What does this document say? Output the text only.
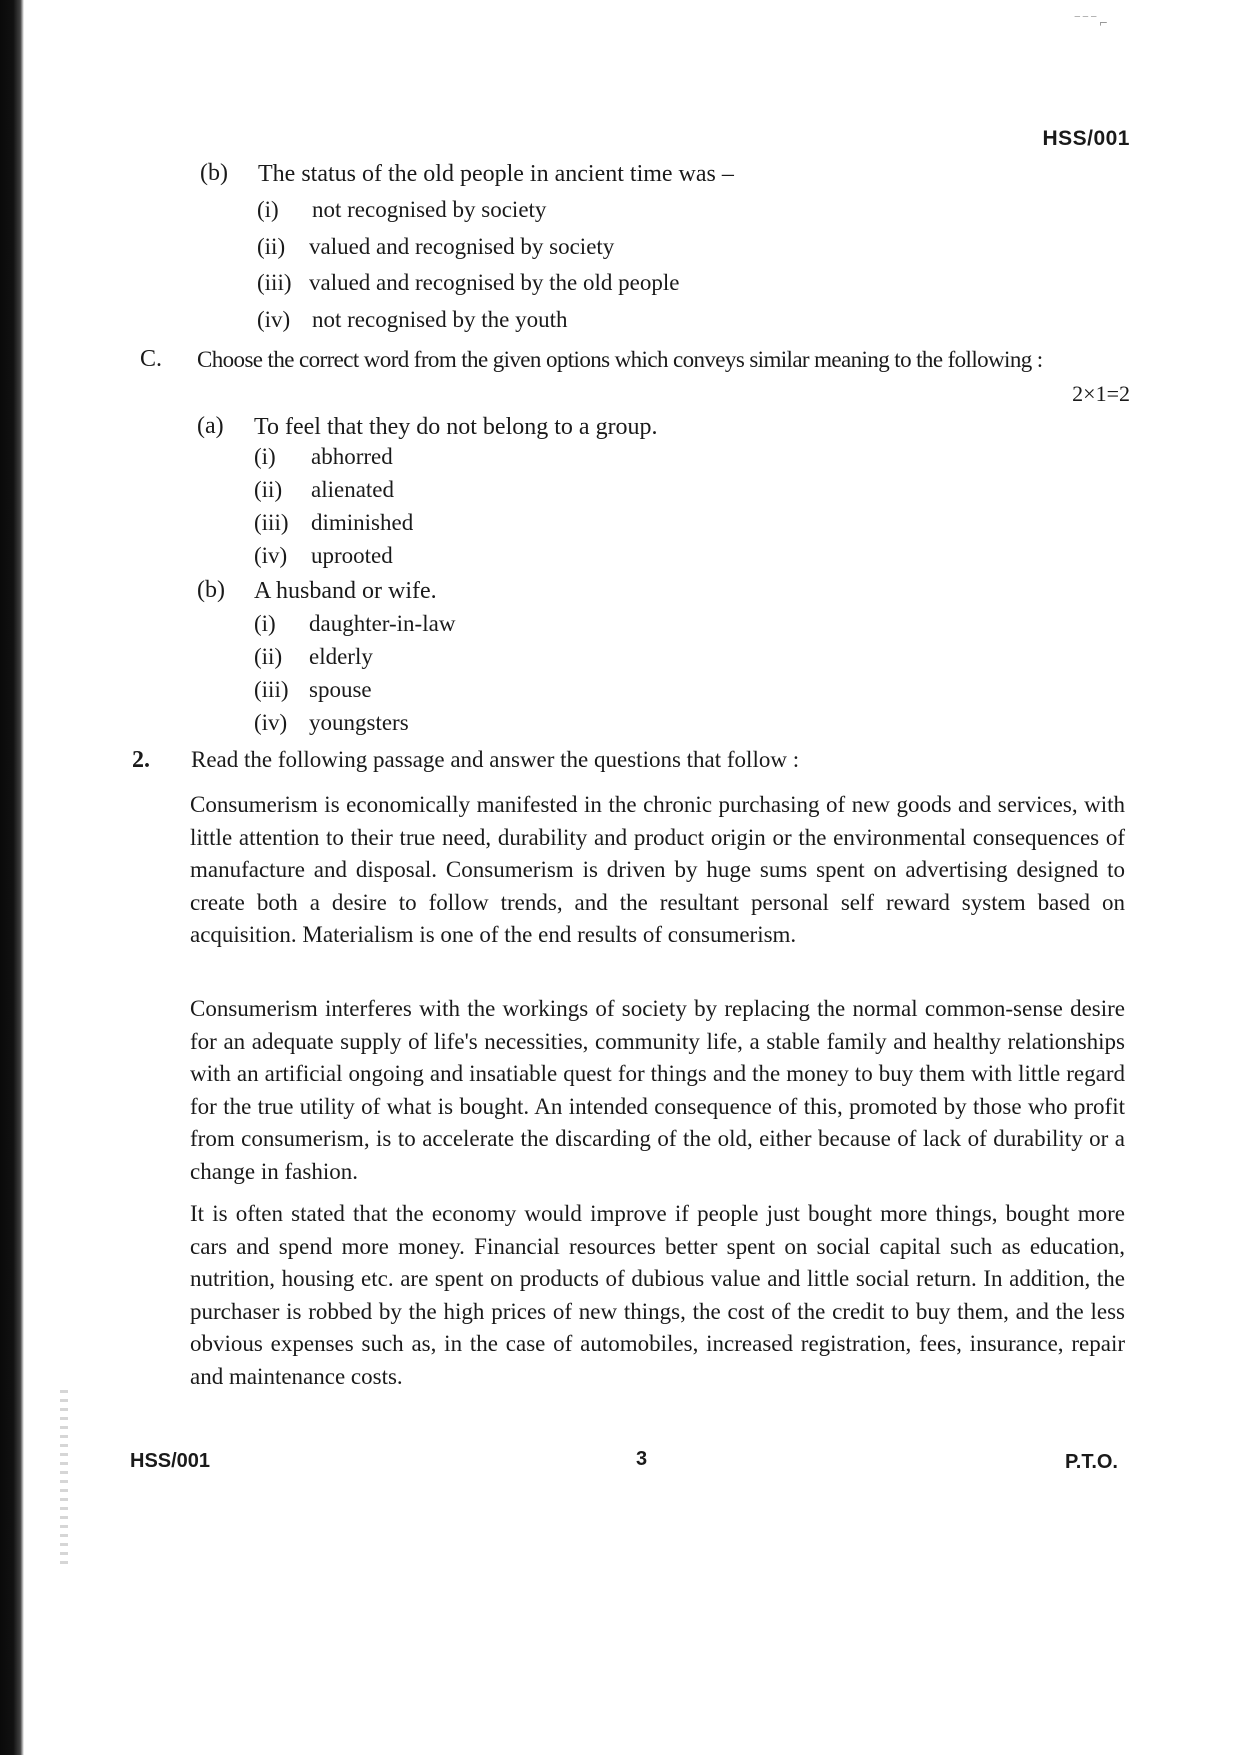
‾ ‾ ‾ ⌐
HSS/001
(b) The status of the old people in ancient time was –
(i) not recognised by society
(ii) valued and recognised by society
(iii) valued and recognised by the old people
(iv) not recognised by the youth
C. Choose the correct word from the given options which conveys similar meaning to the following :
2×1=2
(a) To feel that they do not belong to a group.
(i) abhorred
(ii) alienated
(iii) diminished
(iv) uprooted
(b) A husband or wife.
(i) daughter-in-law
(ii) elderly
(iii) spouse
(iv) youngsters
2. Read the following passage and answer the questions that follow :

Consumerism is economically manifested in the chronic purchasing of new goods and services, with little attention to their true need, durability and product origin or the environmental consequences of manufacture and disposal. Consumerism is driven by huge sums spent on advertising designed to create both a desire to follow trends, and the resultant personal self reward system based on acquisition. Materialism is one of the end results of consumerism.

Consumerism interferes with the workings of society by replacing the normal common-sense desire for an adequate supply of life's necessities, community life, a stable family and healthy relationships with an artificial ongoing and insatiable quest for things and the money to buy them with little regard for the true utility of what is bought. An intended consequence of this, promoted by those who profit from consumerism, is to accelerate the discarding of the old, either because of lack of durability or a change in fashion.

It is often stated that the economy would improve if people just bought more things, bought more cars and spend more money. Financial resources better spent on social capital such as education, nutrition, housing etc. are spent on products of dubious value and little social return. In addition, the purchaser is robbed by the high prices of new things, the cost of the credit to buy them, and the less obvious expenses such as, in the case of automobiles, increased registration, fees, insurance, repair and maintenance costs.

HSS/001	3	P.T.O.
